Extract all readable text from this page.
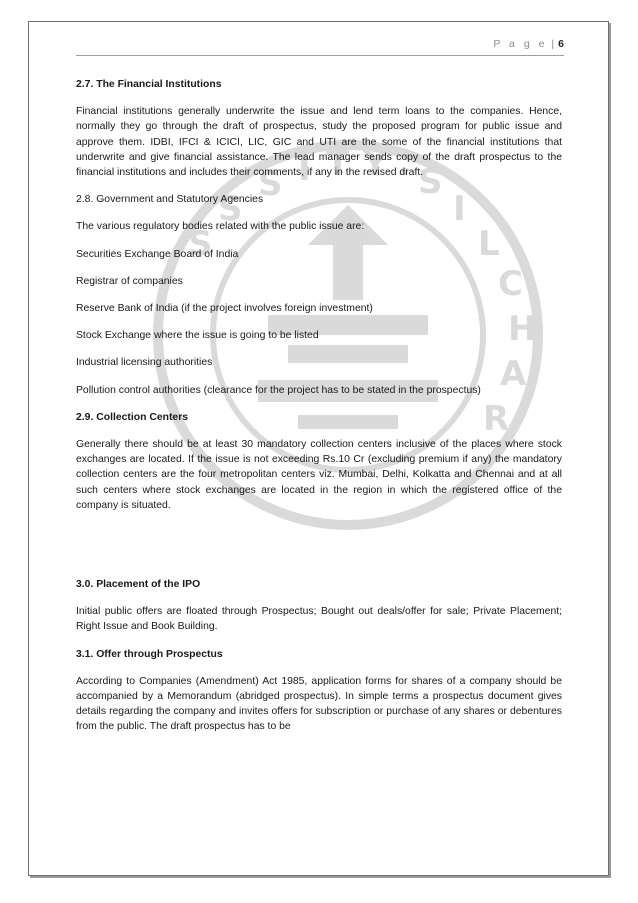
S I T Y · S
I
L
C
H
A
R
S
S
P a g e | 6

2.7. The Financial Institutions

Financial institutions generally underwrite the issue and lend term loans to the companies. Hence, normally they go through the draft of prospectus, study the proposed program for public issue and approve them. IDBI, IFCI & ICICI, LIC, GIC and UTI are the some of the financial institutions that underwrite and give financial assistance. The lead manager sends copy of the draft prospectus to the financial institutions and includes their comments, if any in the revised draft.

2.8. Government and Statutory Agencies

The various regulatory bodies related with the public issue are:

Securities Exchange Board of India

Registrar of companies

Reserve Bank of India (if the project involves foreign investment)

Stock Exchange where the issue is going to be listed

Industrial licensing authorities

Pollution control authorities (clearance for the project has to be stated in the prospectus)

2.9. Collection Centers

Generally there should be at least 30 mandatory collection centers inclusive of the places where stock exchanges are located. If the issue is not exceeding Rs.10 Cr (excluding premium if any) the mandatory collection centers are the four metropolitan centers viz. Mumbai, Delhi, Kolkatta and Chennai and at all such centers where stock exchanges are located in the region in which the registered office of the company is situated.

3.0. Placement of the IPO

Initial public offers are floated through Prospectus; Bought out deals/offer for sale; Private Placement; Right Issue and Book Building.

3.1. Offer through Prospectus

According to Companies (Amendment) Act 1985, application forms for shares of a company should be accompanied by a Memorandum (abridged prospectus). In simple terms a prospectus document gives details regarding the company and invites offers for subscription or purchase of any shares or debentures from the public. The draft prospectus has to be
